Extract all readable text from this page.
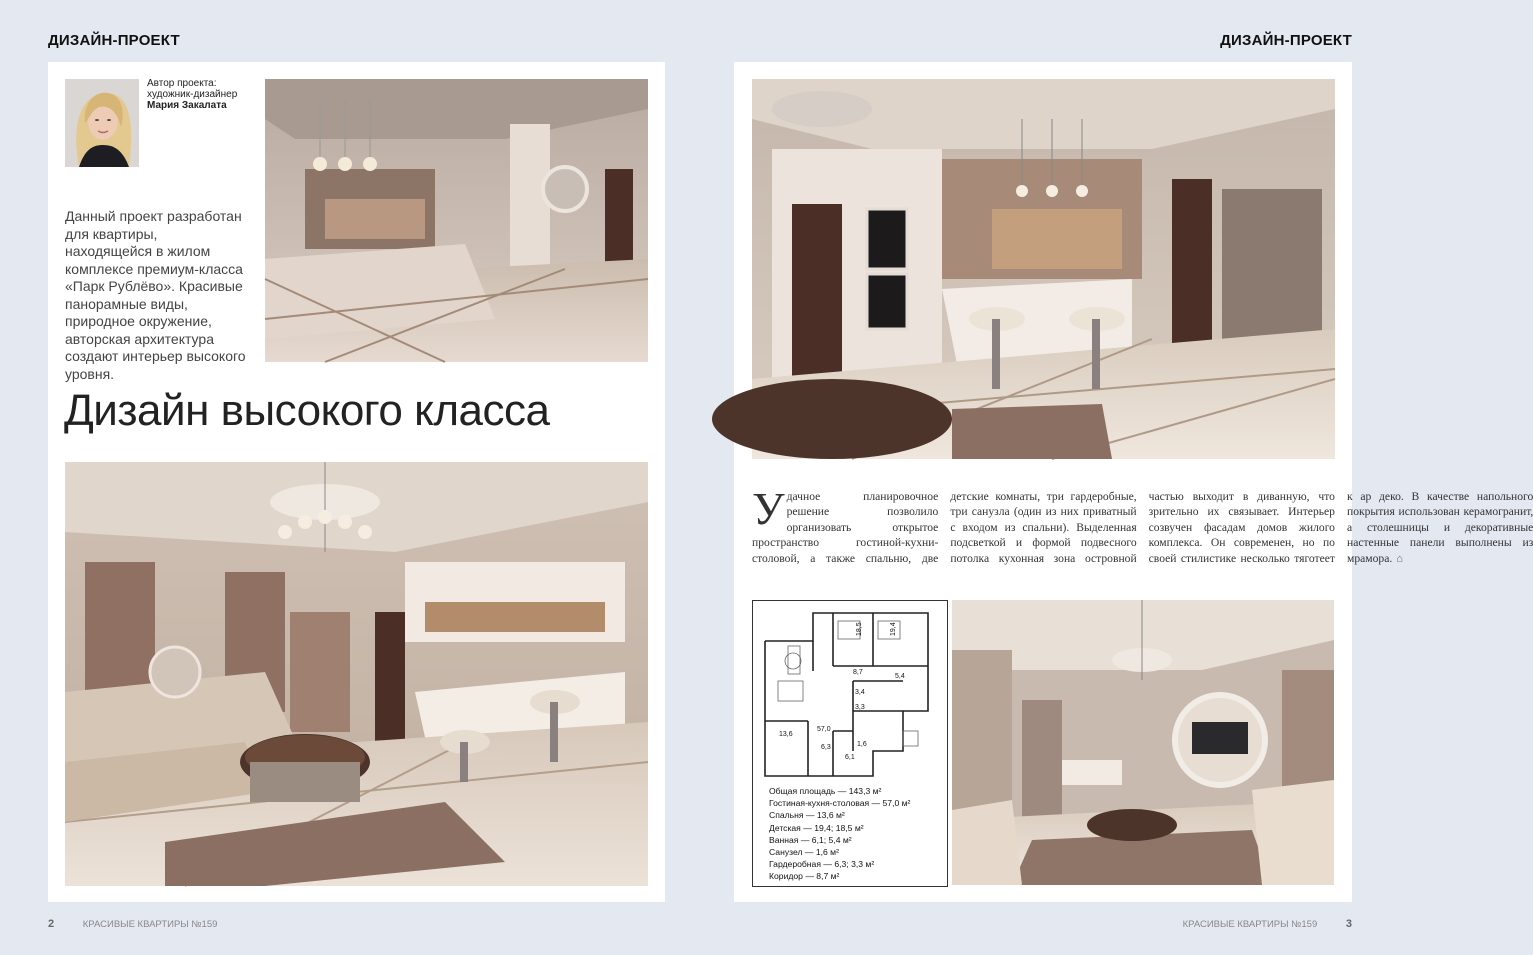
ДИЗАЙН-ПРОЕКТ	ДИЗАЙН-ПРОЕКТ
Автор проекта:
художник-дизайнер
Мария Закалата
Данный проект разработан для квартиры, находящейся в жилом комплексе премиум-класса «Парк Рублёво». Красивые панорамные виды, природное окружение, авторская архитектура создают интерьер высокого уровня.
Дизайн высокого класса
Удачное планировочное решение позволило организовать открытое пространство гостиной-кухни-столовой, а также спальню, две детские комнаты, три гардеробные, три санузла (один из них приватный с входом из спальни). Выделенная подсветкой и формой подвесного потолка кухонная зона островной частью выходит в диванную, что зрительно их связывает. Интерьер созвучен фасадам домов жилого комплекса. Он современен, но по своей стилистике несколько тяготеет к ар деко. В качестве напольного покрытия использован керамогранит, а столешницы и декоративные настенные панели выполнены из мрамора. ⌂
18,5	19,4
8,7
5,4
3,4
3,3
57,0
13,6
6,3
6,1
1,6
Общая площадь — 143,3 м²
Гостиная-кухня-столовая — 57,0 м²
Спальня — 13,6 м²
Детская — 19,4; 18,5 м²
Ванная — 6,1; 5,4 м²
Санузел — 1,6 м²
Гардеробная — 6,3; 3,3 м²
Коридор — 8,7 м²
2	КРАСИВЫЕ КВАРТИРЫ №159	КРАСИВЫЕ КВАРТИРЫ №159	3
